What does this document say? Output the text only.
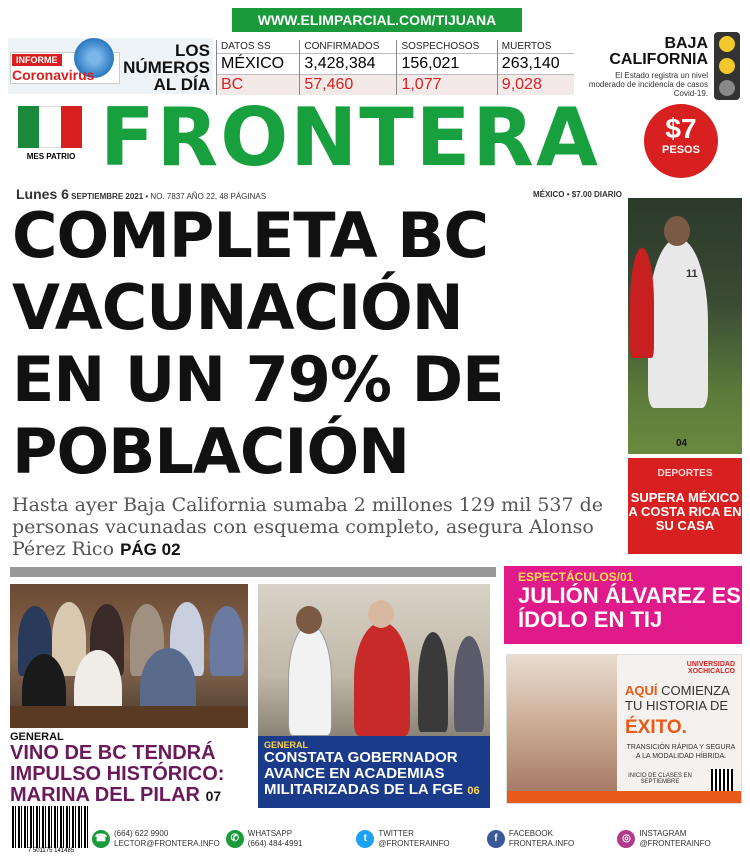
WWW.ELIMPARCIAL.COM/TIJUANA
INFORME
Coronavirus
LOS NÚMEROS AL DÍA
DATOS SS	CONFIRMADOS	SOSPECHOSOS	MUERTOS
MÉXICO	3,428,384	156,021	263,140
BC	57,460	1,077	9,028
BAJA CALIFORNIA
El Estado registra un nivel moderado de incidencia de casos Covid-19.
MES PATRIO FRONTERA	$7
PESOS
Lunes 6 SEPTIEMBRE 2021 • NO. 7837 AÑO 22, 48 PÁGINAS	MÉXICO • $7.00 DIARIO
COMPLETA BC
VACUNACIÓN
EN UN 79% DE
POBLACIÓN
Hasta ayer Baja California sumaba 2 millones 129 mil 537 de personas vacunadas con esquema completo, asegura Alonso Pérez Rico PÁG 02
11
04
DEPORTES
SUPERA MÉXICO A COSTA RICA EN SU CASA
ESPECTÁCULOS/01
JULIÓN ÁLVAREZ ES ÍDOLO EN TIJ
GENERAL
VINO DE BC TENDRÁ IMPULSO HISTÓRICO: MARINA DEL PILAR 07
GENERAL
CONSTATA GOBERNADOR AVANCE EN ACADEMIAS MILITARIZADAS DE LA FGE 06
UNIVERSIDAD XOCHICALCO
AQUÍ COMIENZA TU HISTORIA DE
ÉXITO.
TRANSICIÓN RÁPIDA Y SEGURA A LA MODALIDAD HÍBRIDA.
INICIO DE CLASES EN SEPTIEMBRE
7 501175 141485
☎ (664) 622 9900
LECTOR@FRONTERA.INFO	✆	WHATSAPP
(664) 484-4991	t	TWITTER
@FRONTERAINFO	f	FACEBOOK
FRONTERA.INFO	◎	INSTAGRAM
@FRONTERAINFO
